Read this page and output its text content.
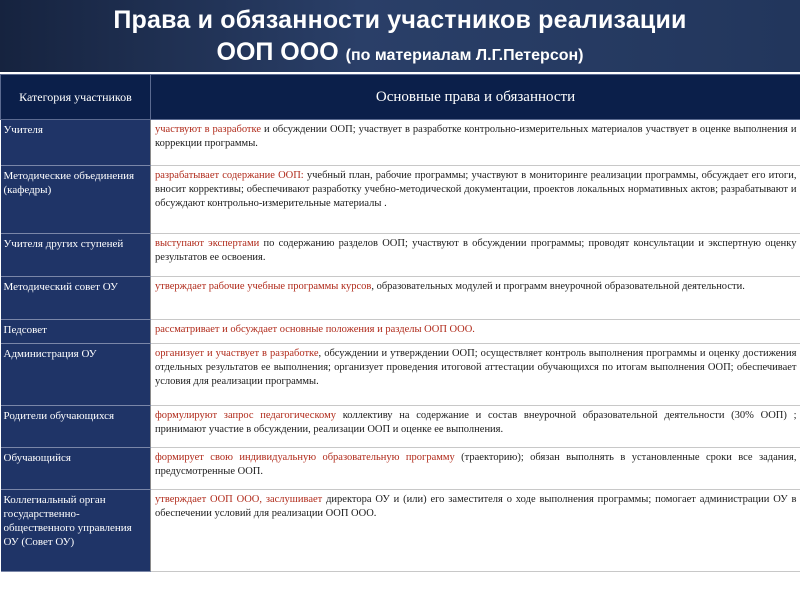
Права и обязанности участников реализации
ООП ООО (по материалам Л.Г.Петерсон)
Категория участников	Основные права и обязанности
Учителя	участвуют в разработке и обсуждении ООП; участвует в разработке контрольно-измерительных материалов участвует в оценке выполнения и коррекции программы.
Методические объединения (кафедры)	разрабатывает содержание ООП: учебный план, рабочие программы; участвуют в мониторинге реализации программы, обсуждает его итоги, вносит коррективы; обеспечивают разработку учебно-методической документации, проектов локальных нормативных актов; разрабатывают и обсуждают контрольно-измерительные материалы .
Учителя других ступеней	выступают экспертами по содержанию разделов ООП; участвуют в обсуждении программы; проводят консультации и экспертную оценку результатов ее освоения.
Методический совет ОУ	утверждает рабочие учебные программы курсов, образовательных модулей и программ внеурочной образовательной деятельности.
Педсовет	рассматривает и обсуждает основные положения и разделы ООП ООО.
Администрация ОУ	организует и участвует в разработке, обсуждении и утверждении ООП; осуществляет контроль выполнения программы и оценку достижения отдельных результатов ее выполнения; организует проведения итоговой аттестации обучающихся по итогам выполнения ООП; обеспечивает условия для реализации программы.
Родители обучающихся	формулируют запрос педагогическому коллективу на содержание и состав внеурочной образовательной деятельности (30% ООП) ; принимают участие в обсуждении, реализации ООП и оценке ее выполнения.
Обучающийся	формирует свою индивидуальную образовательную программу (траекторию); обязан выполнять в установленные сроки все задания, предусмотренные ООП.
Коллегиальный орган государственно-общественного управления ОУ (Совет ОУ)	утверждает ООП ООО, заслушивает директора ОУ и (или) его заместителя о ходе выполнения программы; помогает администрации ОУ в обеспечении условий для реализации ООП ООО.
